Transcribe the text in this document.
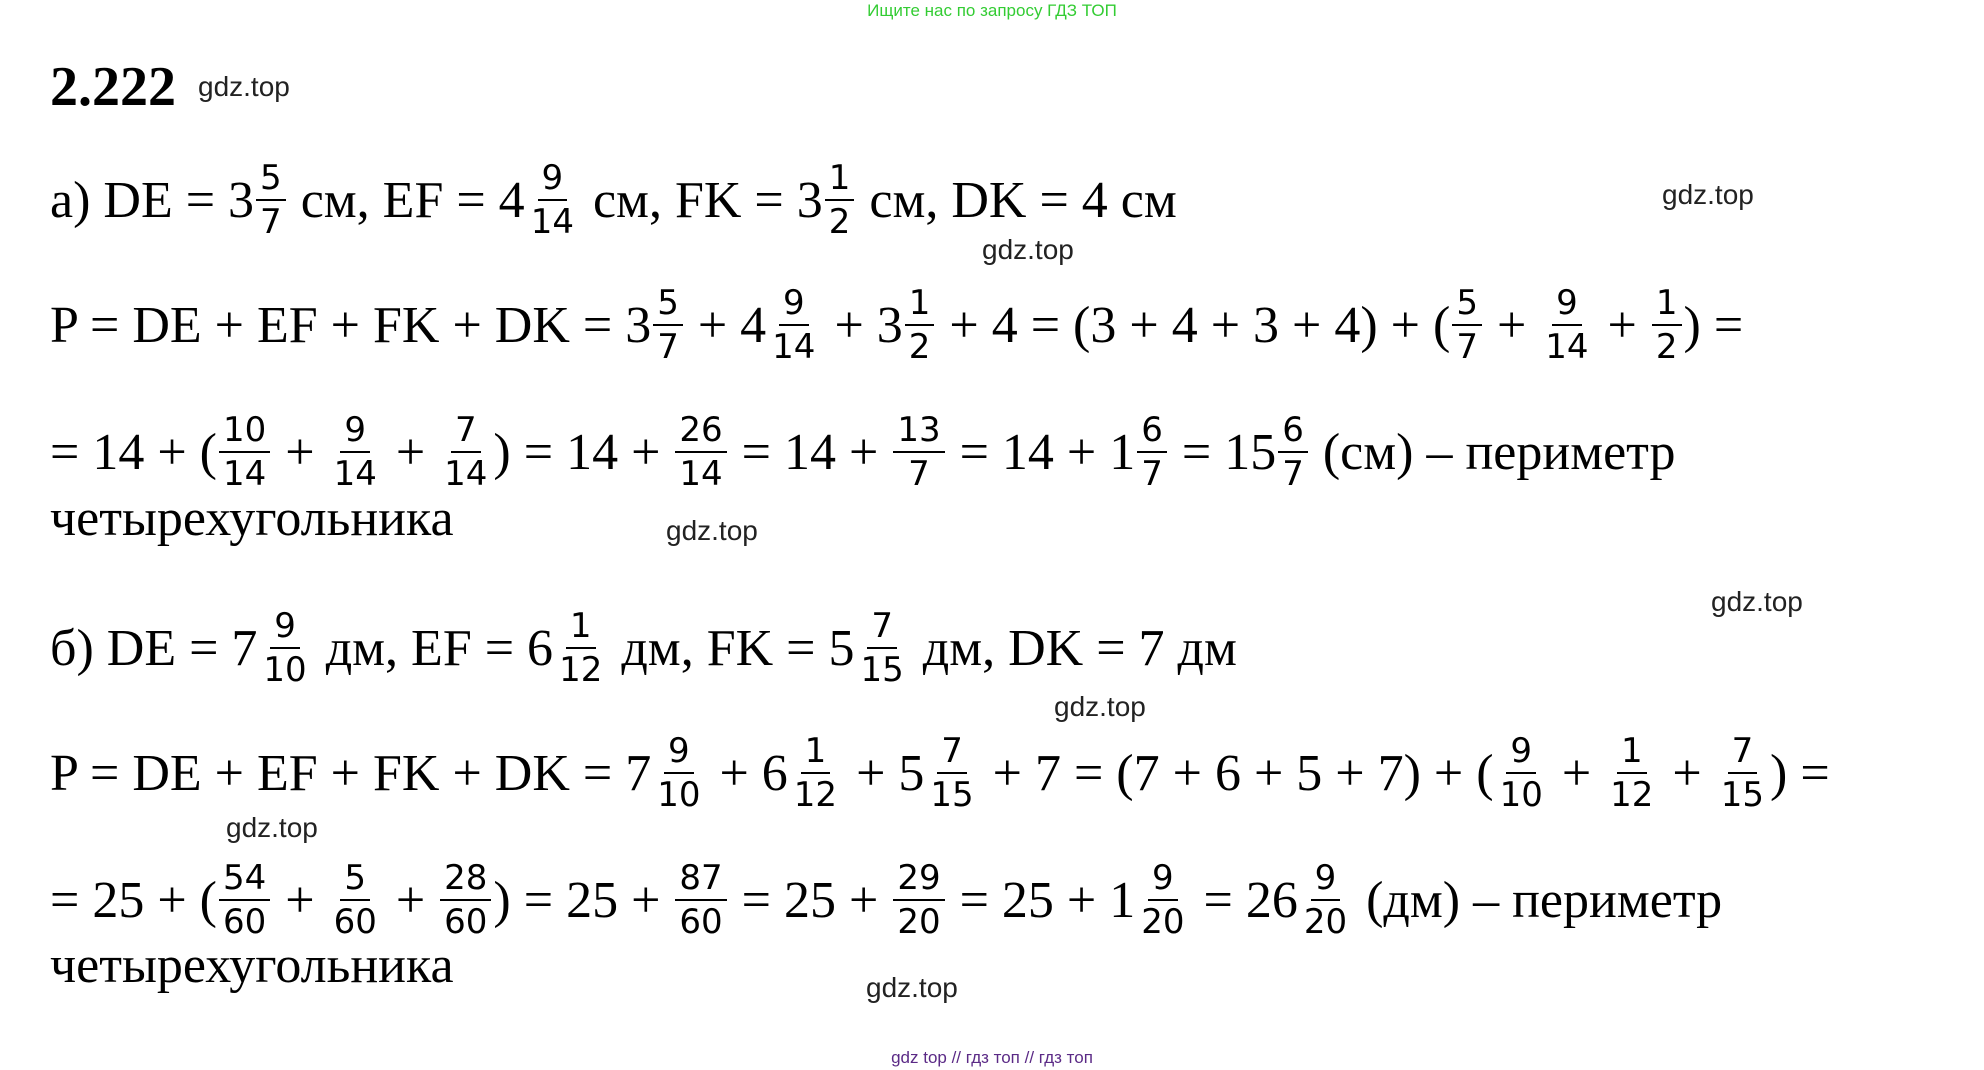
Ищите нас по запросу ГДЗ ТОП
2.222 gdz.top
gdz.top
gdz.top
gdz.top
gdz.top
gdz.top
gdz.top
gdz.top
а) DE = $3 \frac{5}{7}$ см, EF = $4 \frac{9}{14}$ см, FK = $3 \frac{1}{2}$ см, DK = 4 см
P = DE + EF + FK + DK = $3 \frac{5}{7} + 4 \frac{9}{14} + 3 \frac{1}{2} + 4 = (3 + 4 + 3 + 4)$ + ( $\frac{5}{7} + \frac{9}{14} + \frac{1}{2}$ ) =
= 14 + ( $\frac{10}{14} + \frac{9}{14} + \frac{7}{14}$ ) = $14 + \frac{26}{14} = 14 + \frac{13}{7} = 14 + 1 \frac{6}{7} = 15 \frac{6}{7} (см)$ – периметр
четырехугольника
б) DE = $7 \frac{9}{10}$ дм, EF = $6 \frac{1}{12}$ дм, FK = $5 \frac{7}{15}$ дм, DK = 7 дм
P = DE + EF + FK + DK = $7 \frac{9}{10} + 6 \frac{1}{12} + 5 \frac{7}{15} + 7 = (7 + 6 + 5 + 7)$ + ( $\frac{9}{10} + \frac{1}{12} + \frac{7}{15}$ ) =
= 25 + ( $\frac{54}{60} + \frac{5}{60} + \frac{28}{60}$ ) = $25 + \frac{87}{60} = 25 + \frac{29}{20} = 25 + 1 \frac{9}{20} = 26 \frac{9}{20} (дм)$ – периметр
четырехугольника
gdz top // гдз топ // гдз топ
